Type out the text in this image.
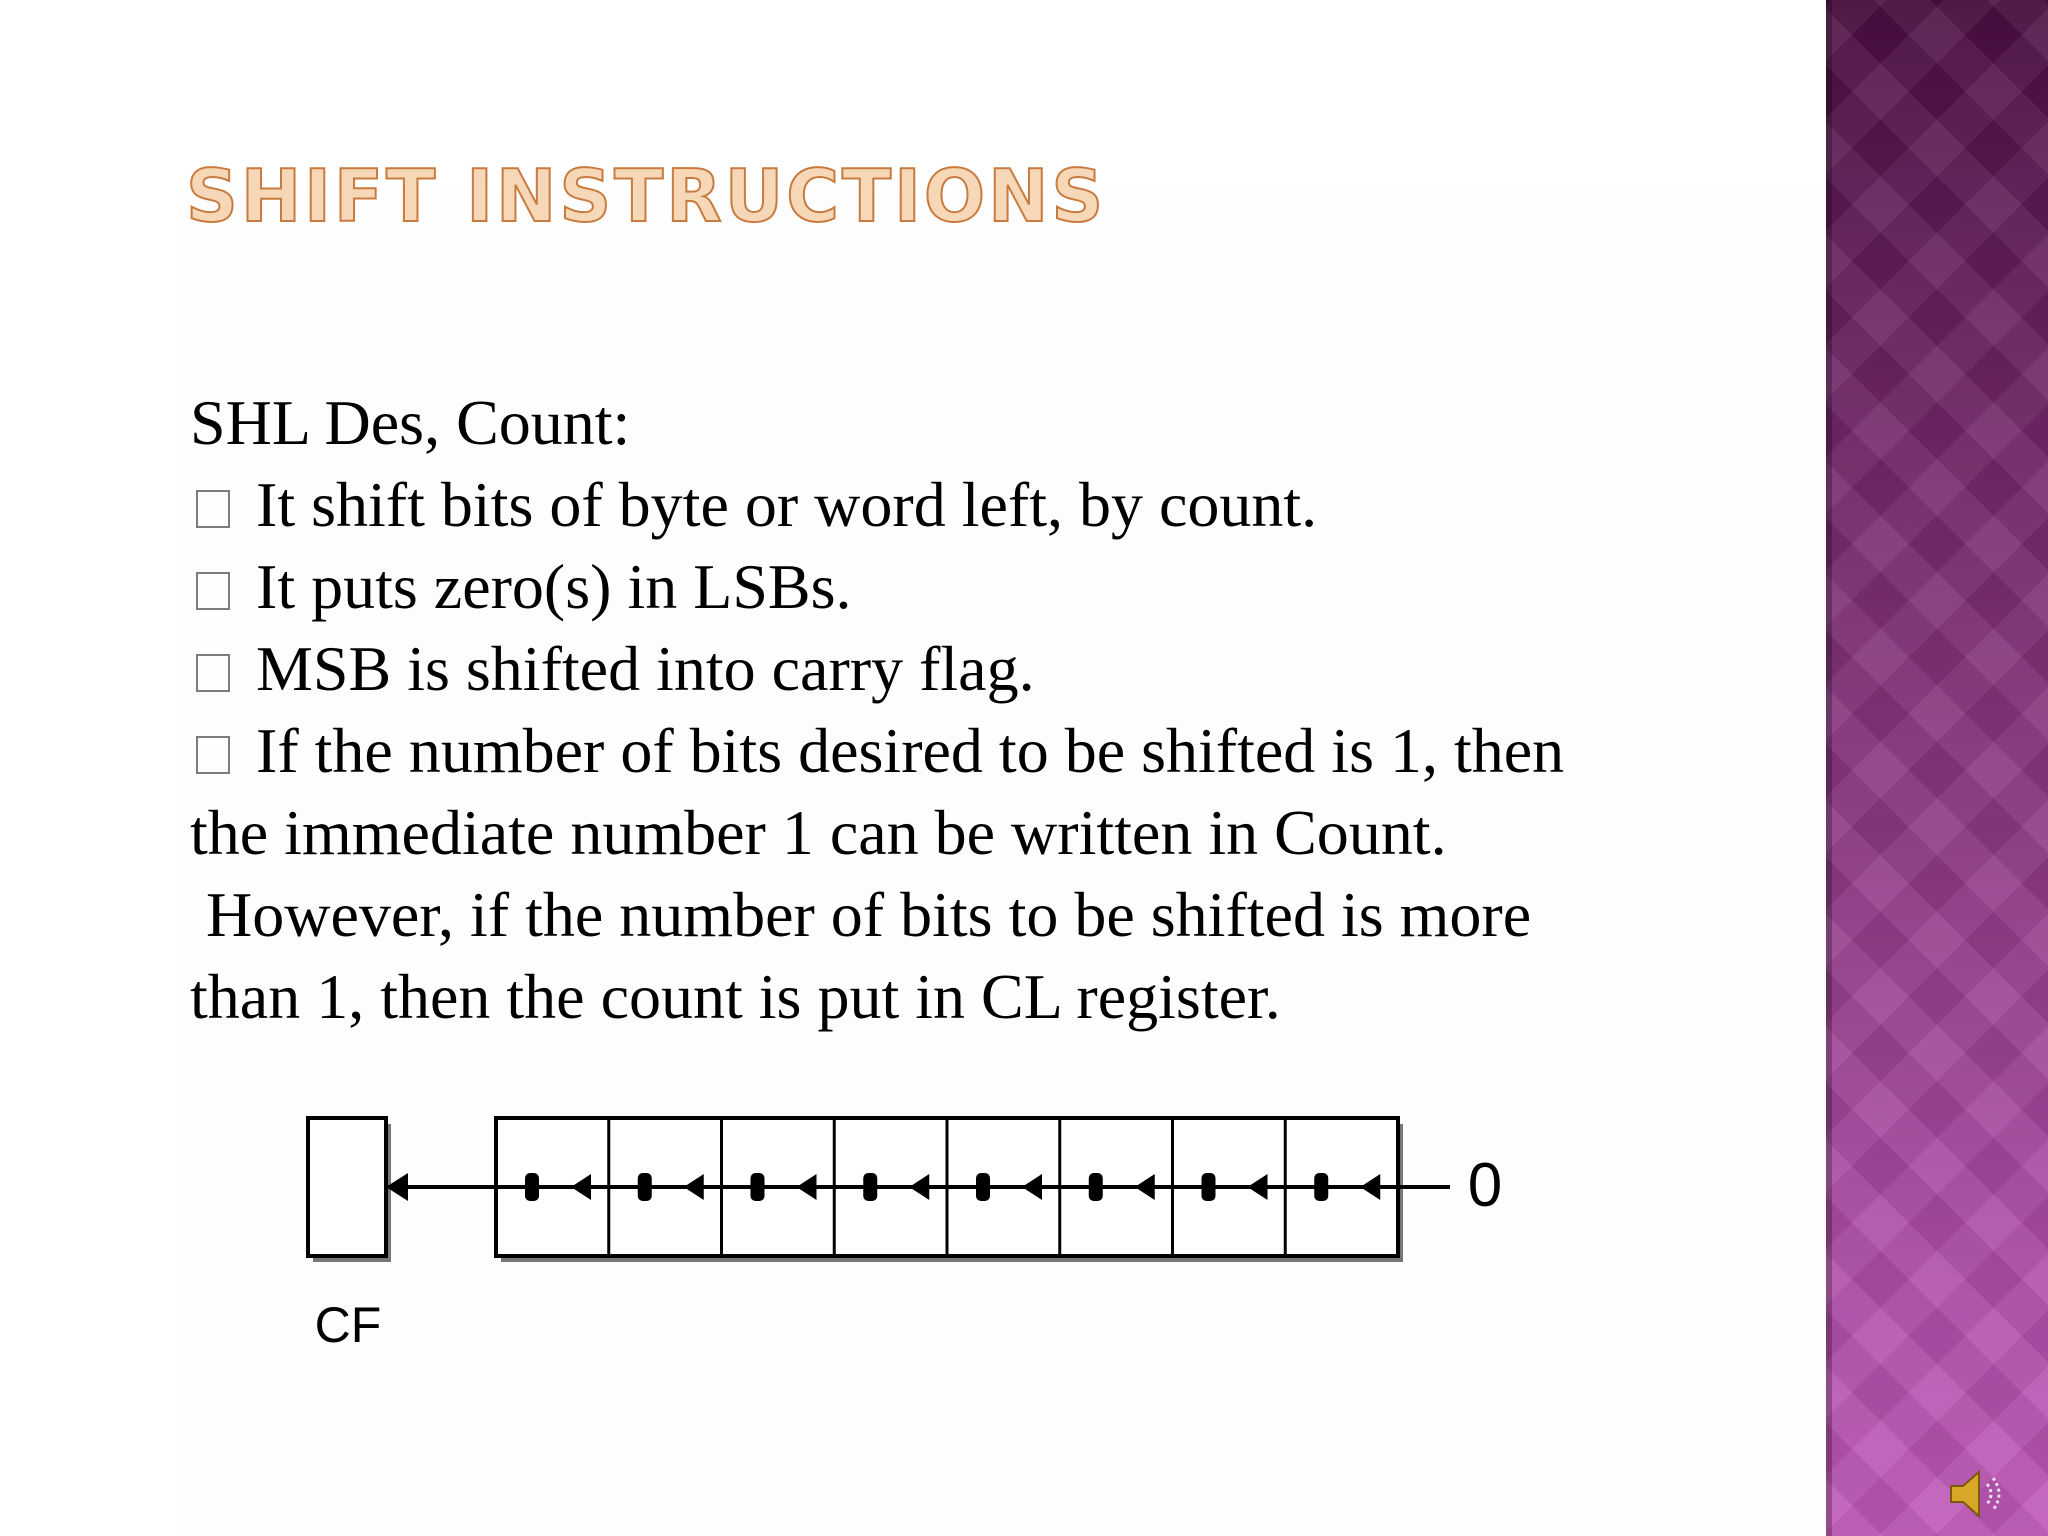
SHIFT INSTRUCTIONS
SHL Des, Count:
It shift bits of byte or word left, by count.
It puts zero(s) in LSBs.
MSB is shifted into carry flag.
If the number of bits desired to be shifted is 1, then
the immediate number 1 can be written in Count.
However, if the number of bits to be shifted is more
than 1, then the count is put in CL register.
0
CF
